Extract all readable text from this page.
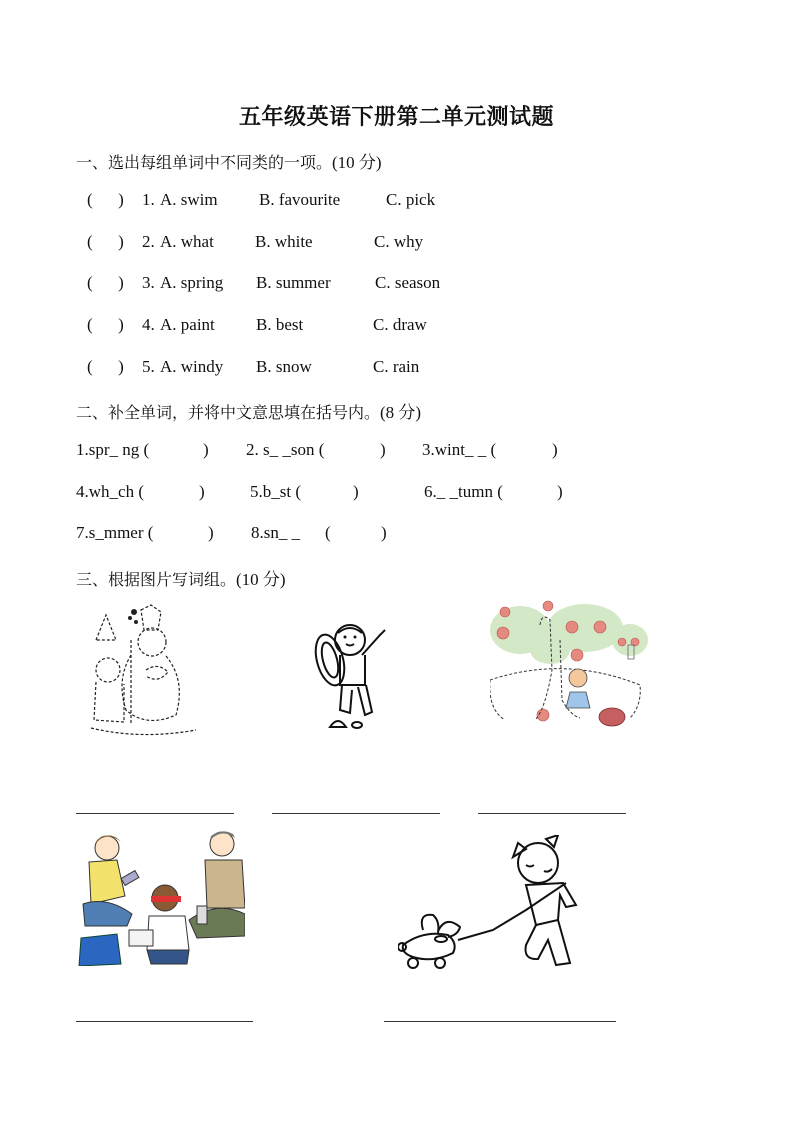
五年级英语下册第二单元测试题
一、选出每组单词中不同类的一项。(10 分)
(      ) 1. A. swim B. favourite	C. pick
(      ) 2. A. what B. white	C. why
(      ) 3. A. spring B. summer	C. season
(      ) 4. A. paint B. best	C. draw
(      ) 5. A. windy B. snow	C. rain
二、补全单词，并将中文意思填在括号内。(8 分)
1.spr_ ng (	) 2. s_ _son (	) 3.wint_ _ (	)
4.wh_ch (	)	5.b_st (	)	6._ _tumn (	)
7.s_mmer (	) 8.sn_ _ (	)
三、根据图片写词组。(10 分)
